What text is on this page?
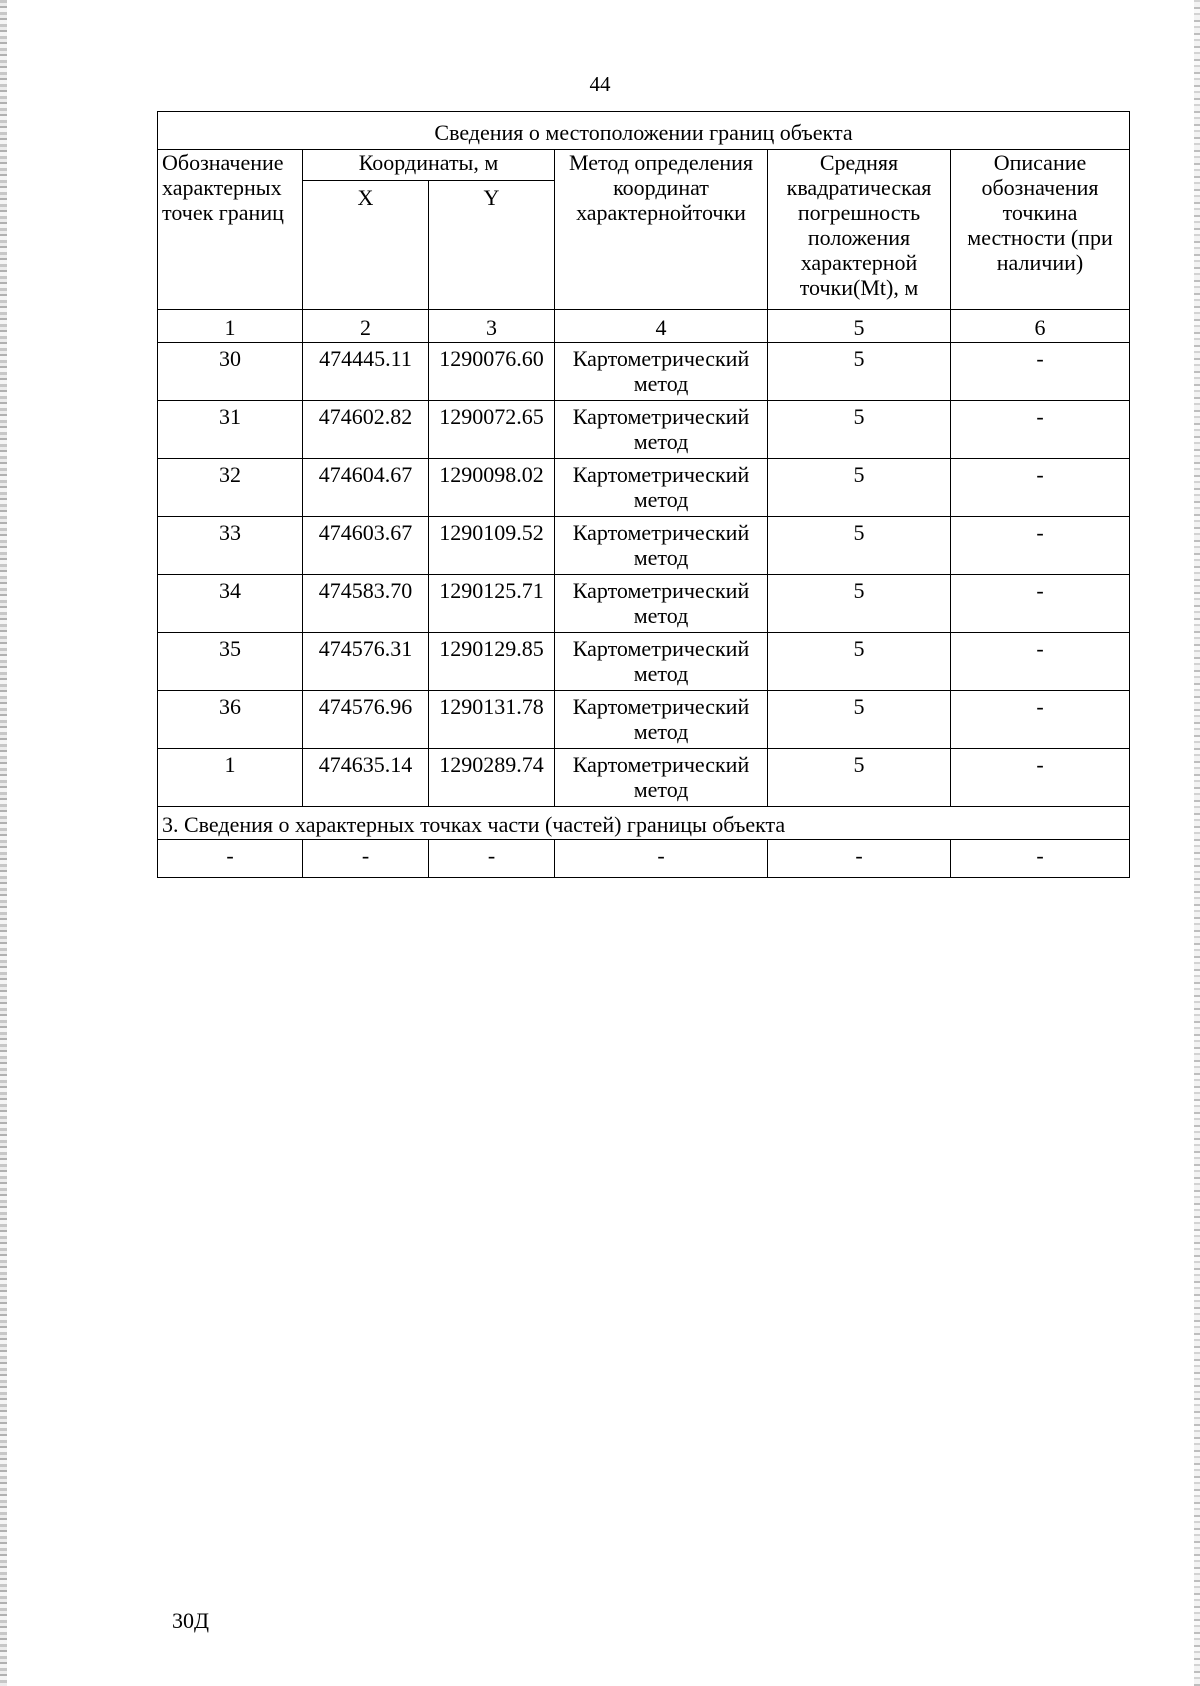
44
Сведения о местоположении границ объекта					
Обозначение характерных точек границ	Координаты, м		Метод определения координат характернойточки	Средняя квадратическая погрешность положения характерной точки(Mt), м	Описание обозначения точкина местности (при наличии)
	X	Y			
1	2	3	4	5	6
30	474445.11	1290076.60	Картометрический метод	5	-
31	474602.82	1290072.65	Картометрический метод	5	-
32	474604.67	1290098.02	Картометрический метод	5	-
33	474603.67	1290109.52	Картометрический метод	5	-
34	474583.70	1290125.71	Картометрический метод	5	-
35	474576.31	1290129.85	Картометрический метод	5	-
36	474576.96	1290131.78	Картометрический метод	5	-
1	474635.14	1290289.74	Картометрический метод	5	-
3. Сведения о характерных точках части (частей) границы объекта					
-	-	-	-	-	-
30Д
